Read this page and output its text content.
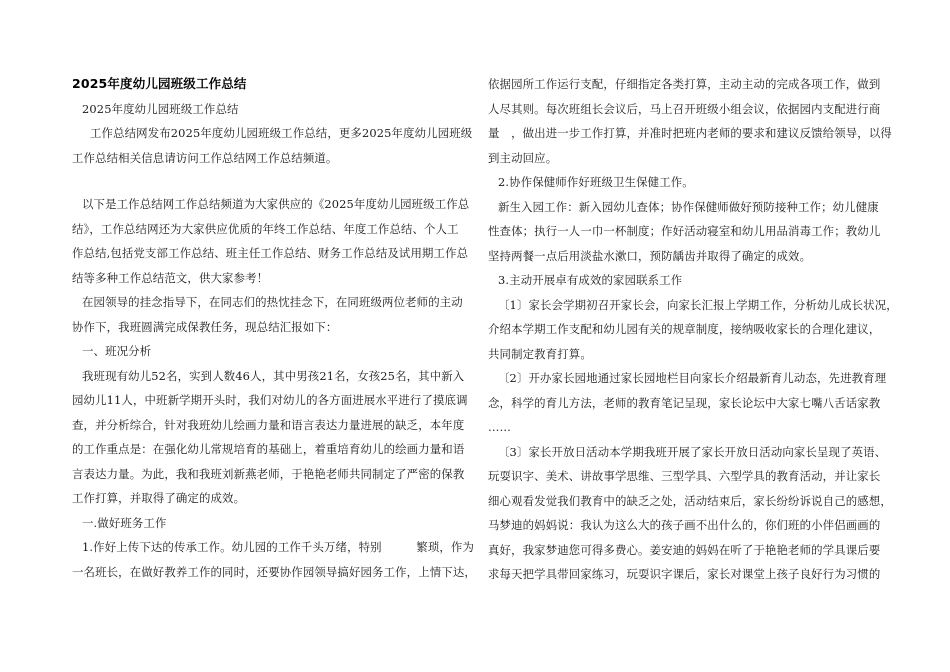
2025年度幼儿园班级工作总结
2025年度幼儿园班级工作总结
工作总结网发布2025年度幼儿园班级工作总结，更多2025年度幼儿园班级
工作总结相关信息请访问工作总结网工作总结频道。
以下是工作总结网工作总结频道为大家供应的《2025年度幼儿园班级工作总
结》，工作总结网还为大家供应优质的年终工作总结、年度工作总结、个人工
作总结,包括党支部工作总结、班主任工作总结、财务工作总结及试用期工作总
结等多种工作总结范文，供大家参考！
在园领导的挂念指导下，在同志们的热忱挂念下，在同班级两位老师的主动
协作下，我班圆满完成保教任务，现总结汇报如下：
一、班况分析
我班现有幼儿52名，实到人数46人，其中男孩21名，女孩25名，其中新入
园幼儿11人，中班新学期开头时，我们对幼儿的各方面进展水平进行了摸底调
查，并分析综合，针对我班幼儿绘画力量和语言表达力量进展的缺乏，本年度
的工作重点是：在强化幼儿常规培育的基础上，着重培育幼儿的绘画力量和语
言表达力量。为此，我和我班刘新燕老师，于艳艳老师共同制定了严密的保教
工作打算，并取得了确定的成效。
一.做好班务工作
1.作好上传下达的传承工作。幼儿园的工作千头万绪，特别　　　繁琐，作为
一名班长，在做好教养工作的同时，还要协作园领导搞好园务工作，上情下达，
依据园所工作运行支配，仔细指定各类打算，主动主动的完成各项工作，做到
人尽其则。每次班组长会议后，马上召开班级小组会议，依据园内支配进行商
量　，做出进一步工作打算，并准时把班内老师的要求和建议反馈给领导，以得
到主动回应。
2.协作保健师作好班级卫生保健工作。
新生入园工作：新入园幼儿查体；协作保健师做好预防接种工作；幼儿健康
性查体；执行一人一巾一杯制度；作好活动寝室和幼儿用品消毒工作；教幼儿
坚持两餐一点后用淡盐水漱口，预防龋齿并取得了确定的成效。
3.主动开展卓有成效的家园联系工作
〔1〕家长会学期初召开家长会，向家长汇报上学期工作，分析幼儿成长状况，
介绍本学期工作支配和幼儿园有关的规章制度，接纳吸收家长的合理化建议，
共同制定教育打算。
〔2〕开办家长园地通过家长园地栏目向家长介绍最新育儿动态，先进教育理
念，科学的育儿方法，老师的教育笔记呈现，家长论坛中大家七嘴八舌话家教
……
〔3〕家长开放日活动本学期我班开展了家长开放日活动向家长呈现了英语、
玩耍识字、美术、讲故事学思维、三型学具、六型学具的教育活动，并让家长
细心观看发觉我们教育中的缺乏之处，活动结束后，家长纷纷诉说自己的感想，
马梦迪的妈妈说：我认为这么大的孩子画不出什么的，你们班的小伴侣画画的
真好，我家梦迪您可得多费心。姜安迪的妈妈在听了于艳艳老师的学具课后要
求每天把学具带回家练习，玩耍识字课后，家长对课堂上孩子良好行为习惯的
